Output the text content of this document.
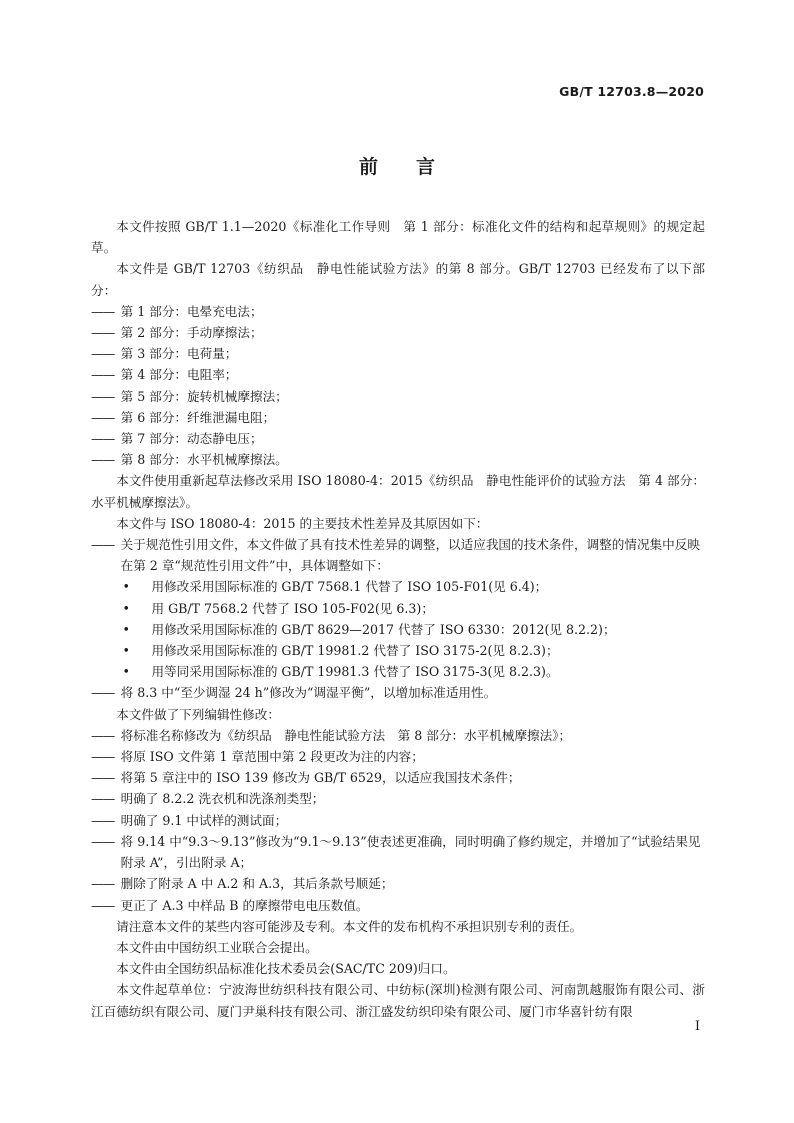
GB/T 12703.8—2020
前言

本文件按照 GB/T 1.1—2020《标准化工作导则　第 1 部分：标准化文件的结构和起草规则》的规定起草。

本文件是 GB/T 12703《纺织品　静电性能试验方法》的第 8 部分。GB/T 12703 已经发布了以下部分：

—— 第 1 部分：电晕充电法；
—— 第 2 部分：手动摩擦法；
—— 第 3 部分：电荷量；
—— 第 4 部分：电阻率；
—— 第 5 部分：旋转机械摩擦法；
—— 第 6 部分：纤维泄漏电阻；
—— 第 7 部分：动态静电压；
—— 第 8 部分：水平机械摩擦法。

本文件使用重新起草法修改采用 ISO 18080-4：2015《纺织品　静电性能评价的试验方法　第 4 部分：水平机械摩擦法》。

本文件与 ISO 18080-4：2015 的主要技术性差异及其原因如下：

—— 关于规范性引用文件，本文件做了具有技术性差异的调整，以适应我国的技术条件，调整的情况集中反映在第 2 章“规范性引用文件”中，具体调整如下：
• 用修改采用国际标准的 GB/T 7568.1 代替了 ISO 105-F01(见 6.4)；
• 用 GB/T 7568.2 代替了 ISO 105-F02(见 6.3)；
• 用修改采用国际标准的 GB/T 8629—2017 代替了 ISO 6330：2012(见 8.2.2)；
• 用修改采用国际标准的 GB/T 19981.2 代替了 ISO 3175-2(见 8.2.3)；
• 用等同采用国际标准的 GB/T 19981.3 代替了 ISO 3175-3(见 8.2.3)。
—— 将 8.3 中“至少调湿 24 h”修改为“调湿平衡”，以增加标准适用性。

本文件做了下列编辑性修改：

—— 将标准名称修改为《纺织品　静电性能试验方法　第 8 部分：水平机械摩擦法》；
—— 将原 ISO 文件第 1 章范围中第 2 段更改为注的内容；
—— 将第 5 章注中的 ISO 139 修改为 GB/T 6529，以适应我国技术条件；
—— 明确了 8.2.2 洗衣机和洗涤剂类型；
—— 明确了 9.1 中试样的测试面；
—— 将 9.14 中“9.3～9.13”修改为“9.1～9.13”使表述更准确，同时明确了修约规定，并增加了“试验结果见附录 A”，引出附录 A；
—— 删除了附录 A 中 A.2 和 A.3，其后条款号顺延；
—— 更正了 A.3 中样品 B 的摩擦带电电压数值。

请注意本文件的某些内容可能涉及专利。本文件的发布机构不承担识别专利的责任。

本文件由中国纺织工业联合会提出。

本文件由全国纺织品标准化技术委员会(SAC/TC 209)归口。

本文件起草单位：宁波海世纺织科技有限公司、中纺标(深圳)检测有限公司、河南凯越服饰有限公司、浙江百德纺织有限公司、厦门尹巢科技有限公司、浙江盛发纺织印染有限公司、厦门市华喜针纺有限

Ⅰ
